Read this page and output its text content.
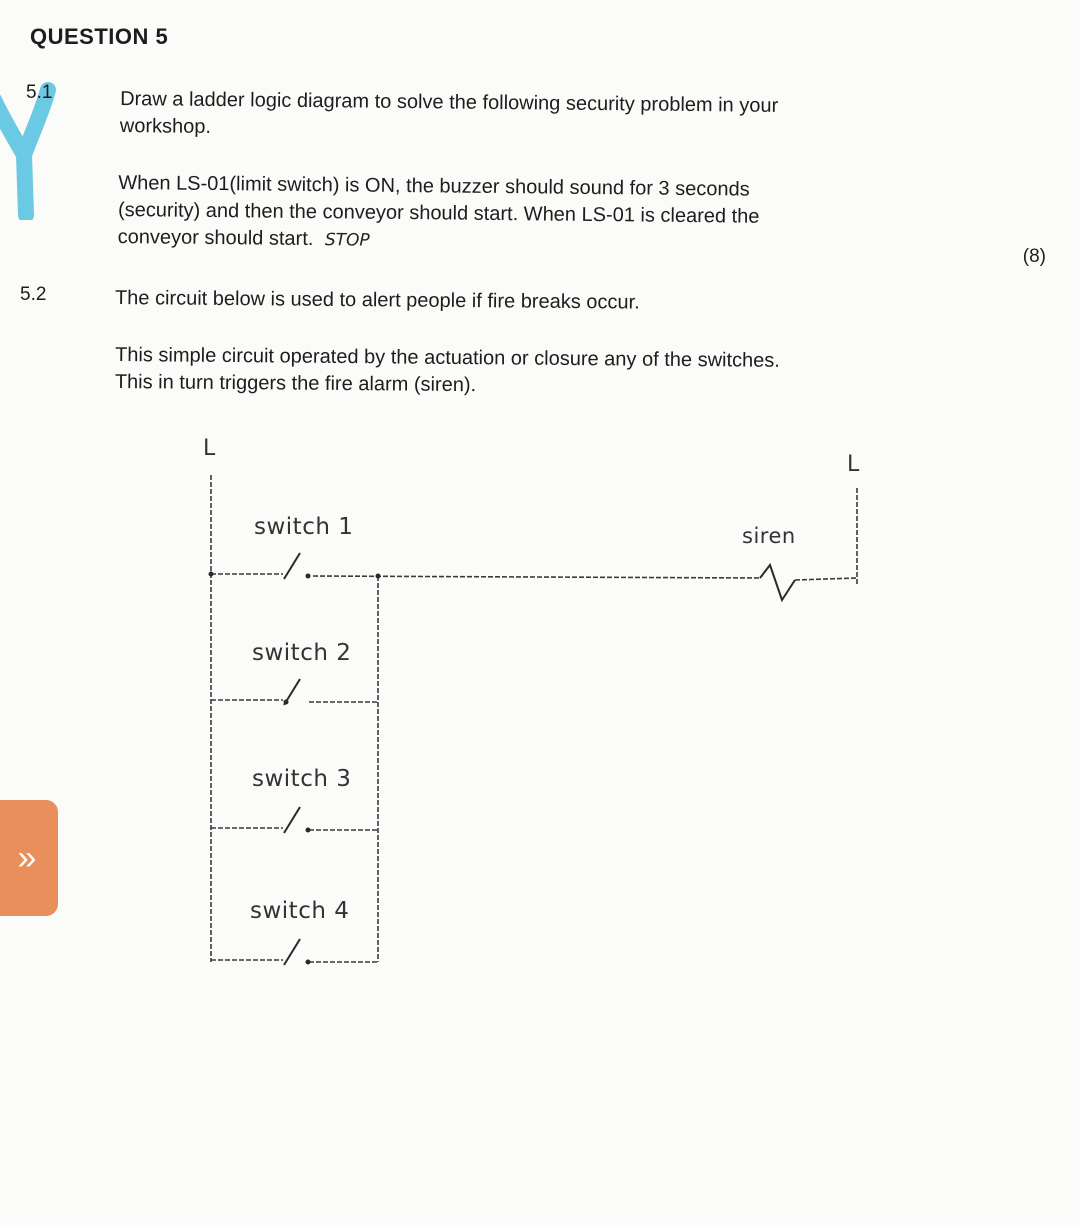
QUESTION 5
5.1	Draw a ladder logic diagram to solve the following security problem in your
workshop.
When LS-01(limit switch) is ON, the buzzer should sound for 3 seconds
(security) and then the conveyor should start. When LS-01 is cleared the
conveyor should start. STOP
(8)
5.2	The circuit below is used to alert people if fire breaks occur.
This simple circuit operated by the actuation or closure any of the switches.
This in turn triggers the fire alarm (siren).
L
L
switch 1
switch 2
switch 3
switch 4
siren
»
